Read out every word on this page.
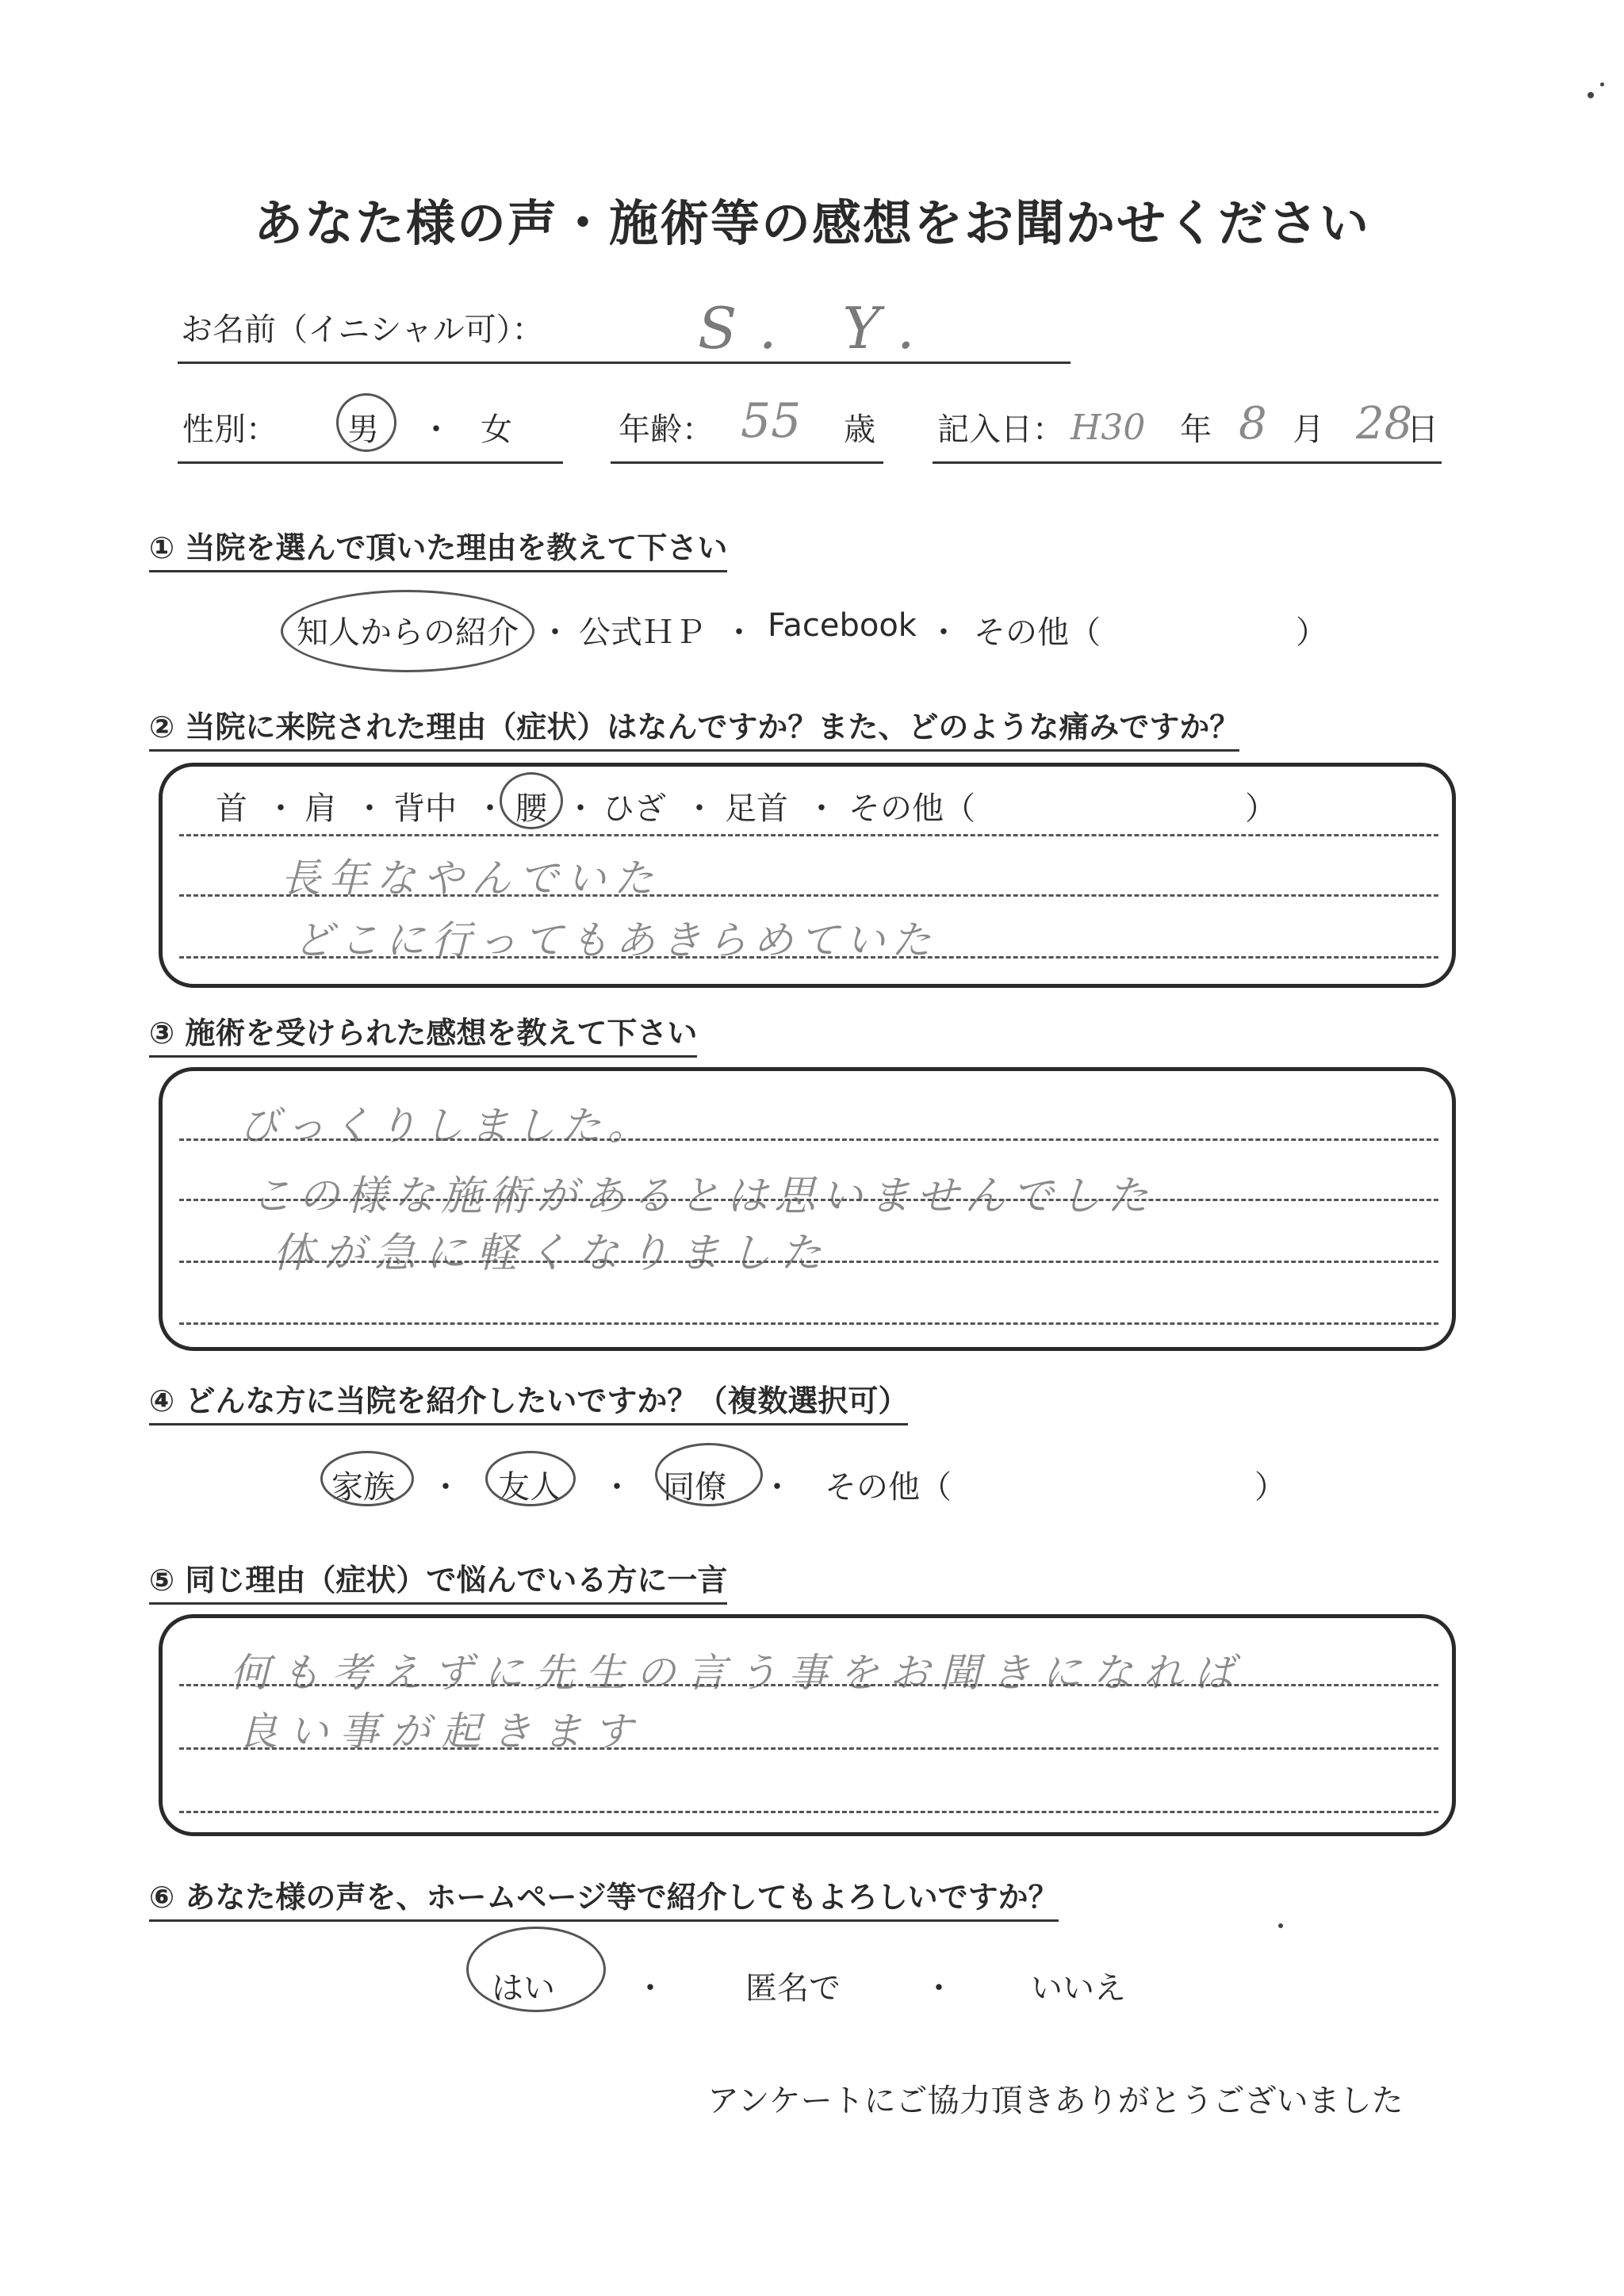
あなた様の声・施術等の感想をお聞かせください
お名前（イニシャル可）：	S. Y.
性別： 男 ・ 女	年齢： 55 歳 記入日： H30 年 8 月 28
日
① 当院を選んで頂いた理由を教えて下さい
知人からの紹介 ・ 公式ＨＰ ・ Facebook ・ その他（	）
② 当院に来院された理由（症状）はなんですか？また、どのような痛みですか？
首 ・ 肩 ・ 背中 ・ 腰 ・ ひざ ・ 足首 ・ その他（	）
長年なやんでいた
どこに行ってもあきらめていた
③ 施術を受けられた感想を教えて下さい
びっくりしました。
この様な施術があるとは思いませんでした
体が急に軽くなりました
④ どんな方に当院を紹介したいですか？（複数選択可）
家族 ・ 友人 ・ 同僚 ・ その他（	）
⑤ 同じ理由（症状）で悩んでいる方に一言
何も考えずに先生の言う事をお聞きになれば
良い事が起きます
⑥ あなた様の声を、ホームページ等で紹介してもよろしいですか？
はい	・	匿名で	・ いいえ
アンケートにご協力頂きありがとうございました
